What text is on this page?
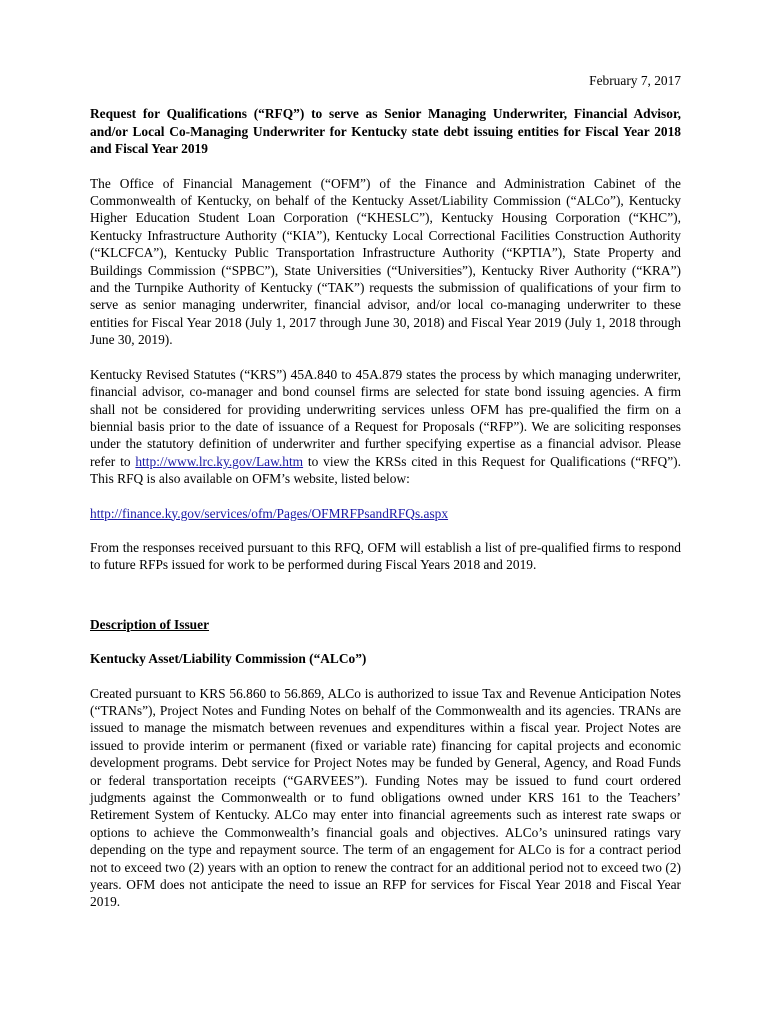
February 7, 2017
Request for Qualifications (“RFQ”) to serve as Senior Managing Underwriter, Financial Advisor, and/or Local Co-Managing Underwriter for Kentucky state debt issuing entities for Fiscal Year 2018 and Fiscal Year 2019

The Office of Financial Management (“OFM”) of the Finance and Administration Cabinet of the Commonwealth of Kentucky, on behalf of the Kentucky Asset/Liability Commission (“ALCo”), Kentucky Higher Education Student Loan Corporation (“KHESLC”), Kentucky Housing Corporation (“KHC”), Kentucky Infrastructure Authority (“KIA”), Kentucky Local Correctional Facilities Construction Authority (“KLCFCA”), Kentucky Public Transportation Infrastructure Authority (“KPTIA”), State Property and Buildings Commission (“SPBC”), State Universities (“Universities”), Kentucky River Authority (“KRA”) and the Turnpike Authority of Kentucky (“TAK”) requests the submission of qualifications of your firm to serve as senior managing underwriter, financial advisor, and/or local co-managing underwriter to these entities for Fiscal Year 2018 (July 1, 2017 through June 30, 2018) and Fiscal Year 2019 (July 1, 2018 through June 30, 2019).

Kentucky Revised Statutes (“KRS”) 45A.840 to 45A.879 states the process by which managing underwriter, financial advisor, co-manager and bond counsel firms are selected for state bond issuing agencies. A firm shall not be considered for providing underwriting services unless OFM has pre-qualified the firm on a biennial basis prior to the date of issuance of a Request for Proposals (“RFP”). We are soliciting responses under the statutory definition of underwriter and further specifying expertise as a financial advisor. Please refer to http://www.lrc.ky.gov/Law.htm to view the KRSs cited in this Request for Qualifications (“RFQ”). This RFQ is also available on OFM’s website, listed below:

http://finance.ky.gov/services/ofm/Pages/OFMRFPsandRFQs.aspx

From the responses received pursuant to this RFQ, OFM will establish a list of pre-qualified firms to respond to future RFPs issued for work to be performed during Fiscal Years 2018 and 2019.

Description of Issuer
Kentucky Asset/Liability Commission (“ALCo”)

Created pursuant to KRS 56.860 to 56.869, ALCo is authorized to issue Tax and Revenue Anticipation Notes (“TRANs”), Project Notes and Funding Notes on behalf of the Commonwealth and its agencies. TRANs are issued to manage the mismatch between revenues and expenditures within a fiscal year. Project Notes are issued to provide interim or permanent (fixed or variable rate) financing for capital projects and economic development programs. Debt service for Project Notes may be funded by General, Agency, and Road Funds or federal transportation receipts (“GARVEES”). Funding Notes may be issued to fund court ordered judgments against the Commonwealth or to fund obligations owned under KRS 161 to the Teachers’ Retirement System of Kentucky. ALCo may enter into financial agreements such as interest rate swaps or options to achieve the Commonwealth’s financial goals and objectives. ALCo’s uninsured ratings vary depending on the type and repayment source. The term of an engagement for ALCo is for a contract period not to exceed two (2) years with an option to renew the contract for an additional period not to exceed two (2) years. OFM does not anticipate the need to issue an RFP for services for Fiscal Year 2018 and Fiscal Year 2019.
